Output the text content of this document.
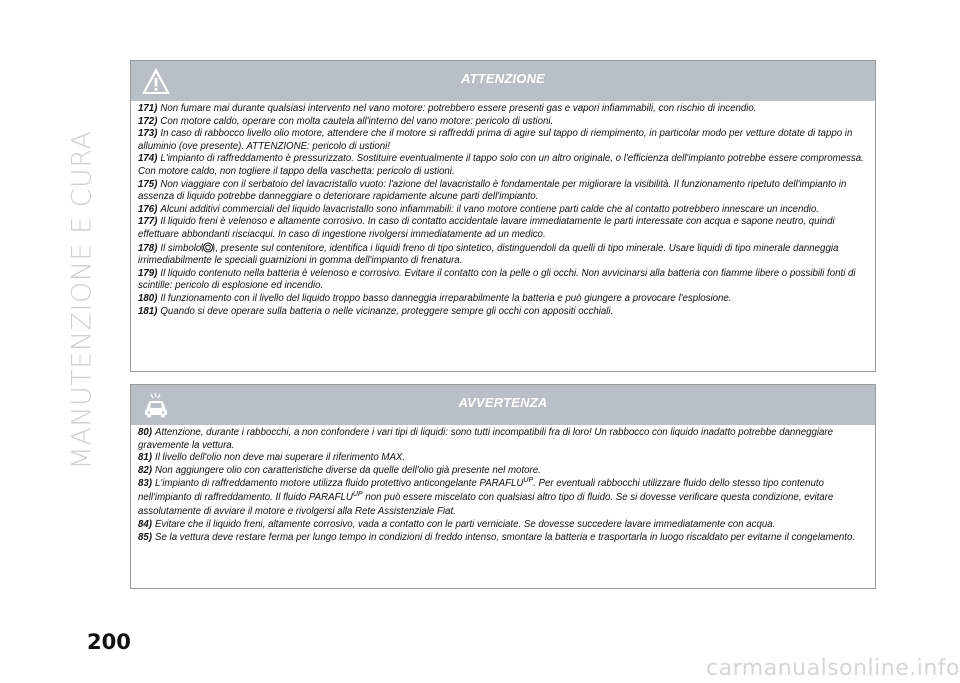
MANUTENZIONE E CURA
ATTENZIONE

171) Non fumare mai durante qualsiasi intervento nel vano motore: potrebbero essere presenti gas e vapori infiammabili, con rischio di incendio.

172) Con motore caldo, operare con molta cautela all'interno del vano motore: pericolo di ustioni.

173) In caso di rabbocco livello olio motore, attendere che il motore si raffreddi prima di agire sul tappo di riempimento, in particolar modo per vetture dotate di tappo in alluminio (ove presente). ATTENZIONE: pericolo di ustioni!

174) L'impianto di raffreddamento è pressurizzato. Sostituire eventualmente il tappo solo con un altro originale, o l'efficienza dell'impianto potrebbe essere compromessa. Con motore caldo, non togliere il tappo della vaschetta: pericolo di ustioni.

175) Non viaggiare con il serbatoio del lavacristallo vuoto: l'azione del lavacristallo è fondamentale per migliorare la visibilità. Il funzionamento ripetuto dell'impianto in assenza di liquido potrebbe danneggiare o deteriorare rapidamente alcune parti dell'impianto.

176) Alcuni additivi commerciali del liquido lavacristallo sono infiammabili: il vano motore contiene parti calde che al contatto potrebbero innescare un incendio.

177) Il liquido freni è velenoso e altamente corrosivo. In caso di contatto accidentale lavare immediatamente le parti interessate con acqua e sapone neutro, quindi effettuare abbondanti risciacqui. In caso di ingestione rivolgersi immediatamente ad un medico.

178) Il simbolo , presente sul contenitore, identifica i liquidi freno di tipo sintetico, distinguendoli da quelli di tipo minerale. Usare liquidi di tipo minerale danneggia irrimediabilmente le speciali guarnizioni in gomma dell'impianto di frenatura.

179) Il liquido contenuto nella batteria è velenoso e corrosivo. Evitare il contatto con la pelle o gli occhi. Non avvicinarsi alla batteria con fiamme libere o possibili fonti di scintille: pericolo di esplosione ed incendio.

180) Il funzionamento con il livello del liquido troppo basso danneggia irreparabilmente la batteria e può giungere a provocare l'esplosione.

181) Quando si deve operare sulla batteria o nelle vicinanze, proteggere sempre gli occhi con appositi occhiali.

AVVERTENZA

80) Attenzione, durante i rabbocchi, a non confondere i vari tipi di liquidi: sono tutti incompatibili fra di loro! Un rabbocco con liquido inadatto potrebbe danneggiare gravemente la vettura.

81) Il livello dell'olio non deve mai superare il riferimento MAX.

82) Non aggiungere olio con caratteristiche diverse da quelle dell'olio già presente nel motore.

83) L'impianto di raffreddamento motore utilizza fluido protettivo anticongelante $PARAFLU^{UP}$. Per eventuali rabbocchi utilizzare fluido dello stesso tipo contenuto nell'impianto di raffreddamento. Il fluido $PARAFLU^{UP}$ non può essere miscelato con qualsiasi altro tipo di fluido. Se si dovesse verificare questa condizione, evitare assolutamente di avviare il motore e rivolgersi alla Rete Assistenziale Fiat.

84) Evitare che il liquido freni, altamente corrosivo, vada a contatto con le parti verniciate. Se dovesse succedere lavare immediatamente con acqua.

85) Se la vettura deve restare ferma per lungo tempo in condizioni di freddo intenso, smontare la batteria e trasportarla in luogo riscaldato per evitarne il congelamento.

200
carmanualsonline.info
